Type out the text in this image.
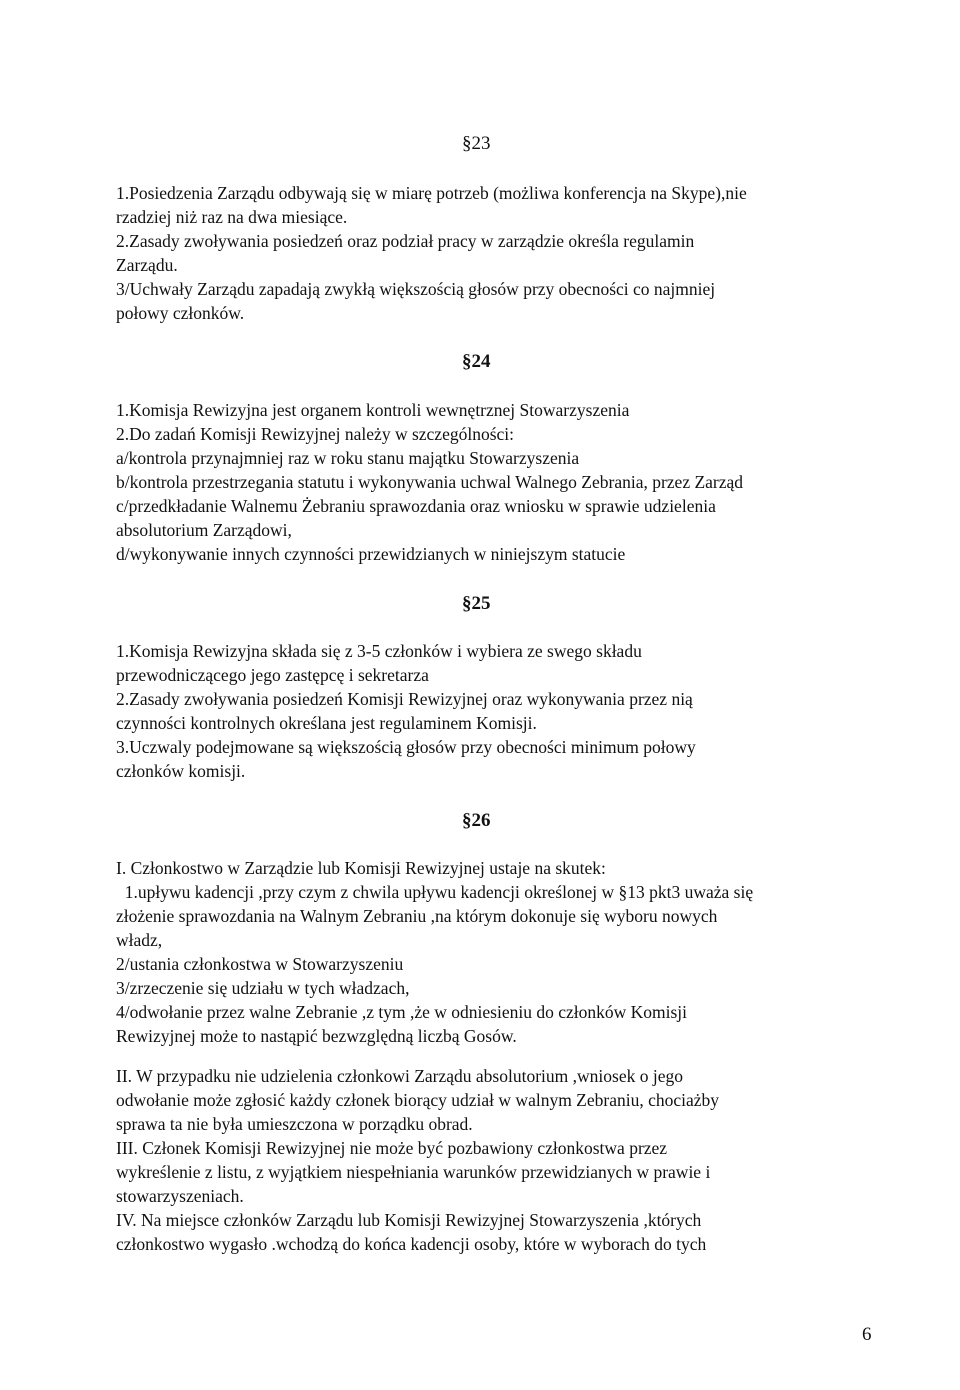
§23
1.Posiedzenia Zarządu odbywają się w miarę potrzeb (możliwa konferencja na Skype),nie
rzadziej niż raz na dwa miesiące.
2.Zasady zwoływania posiedzeń oraz podział pracy w zarządzie określa regulamin
Zarządu.
3/Uchwały Zarządu zapadają zwykłą większością głosów przy obecności co najmniej
połowy członków.
§24
1.Komisja Rewizyjna jest organem kontroli wewnętrznej Stowarzyszenia
2.Do zadań Komisji Rewizyjnej należy w szczególności:
a/kontrola przynajmniej raz w roku stanu majątku Stowarzyszenia
b/kontrola przestrzegania statutu i wykonywania uchwal Walnego Zebrania, przez Zarząd
c/przedkładanie Walnemu Żebraniu sprawozdania oraz wniosku w sprawie udzielenia
absolutorium Zarządowi,
d/wykonywanie innych czynności przewidzianych w niniejszym statucie
§25
1.Komisja Rewizyjna składa się z 3-5 członków i wybiera ze swego składu
przewodniczącego jego zastępcę i sekretarza
2.Zasady zwoływania posiedzeń Komisji Rewizyjnej oraz wykonywania przez nią
czynności kontrolnych określana jest regulaminem Komisji.
3.Uczwaly podejmowane są większością głosów przy obecności minimum połowy
członków komisji.
§26
I. Członkostwo w Zarządzie lub Komisji Rewizyjnej ustaje na skutek:
1.upływu kadencji ,przy czym z chwila upływu kadencji określonej w §13 pkt3 uważa się
złożenie sprawozdania na Walnym Zebraniu ,na którym dokonuje się wyboru nowych
władz,
2/ustania członkostwa w Stowarzyszeniu
3/zrzeczenie się udziału w tych władzach,
4/odwołanie przez walne Zebranie ,z tym ,że w odniesieniu do członków Komisji
Rewizyjnej może to nastąpić bezwzględną liczbą Gosów.
II. W przypadku nie udzielenia członkowi Zarządu absolutorium ,wniosek o jego
odwołanie może zgłosić każdy członek biorący udział w walnym Zebraniu, chociażby
sprawa ta nie była umieszczona w porządku obrad.
III. Członek Komisji Rewizyjnej nie może być pozbawiony członkostwa przez
wykreślenie z listu, z wyjątkiem niespełniania warunków przewidzianych w prawie i
stowarzyszeniach.
IV. Na miejsce członków Zarządu lub Komisji Rewizyjnej Stowarzyszenia ,których
członkostwo wygasło .wchodzą do końca kadencji osoby, które w wyborach do tych
6
